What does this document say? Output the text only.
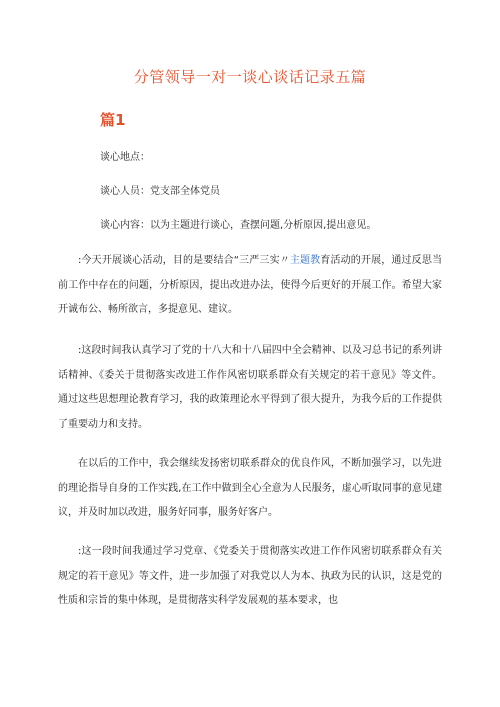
分管领导一对一谈心谈话记录五篇
篇1
谈心地点：
谈心人员：党支部全体党员
谈心内容：以为主题进行谈心，查摆问题,分析原因,提出意见。

:今天开展谈心活动，目的是要结合“三严三实〃主题教育活动的开展，通过反思当前工作中存在的问题，分析原因，提出改进办法，使得今后更好的开展工作。希望大家开诚布公、畅所欲言，多提意见、建议。

:这段时间我认真学习了党的十八大和十八届四中全会精神、以及习总书记的系列讲话精神、《委关于贯彻落实改进工作作风密切联系群众有关规定的若干意见》等文件。通过这些思想理论教育学习，我的政策理论水平得到了很大提升，为我今后的工作提供了重要动力和支持。

在以后的工作中，我会继续发扬密切联系群众的优良作风，不断加强学习，以先进的理论指导自身的工作实践,在工作中做到全心全意为人民服务，虚心听取同事的意见建议，并及时加以改进，服务好同事，服务好客户。

:这一段时间我通过学习党章、《党委关于贯彻落实改进工作作风密切联系群众有关规定的若干意见》等文件，进一步加强了对我党以人为本、执政为民的认识，这是党的性质和宗旨的集中体现，是贯彻落实科学发展观的基本要求，也
